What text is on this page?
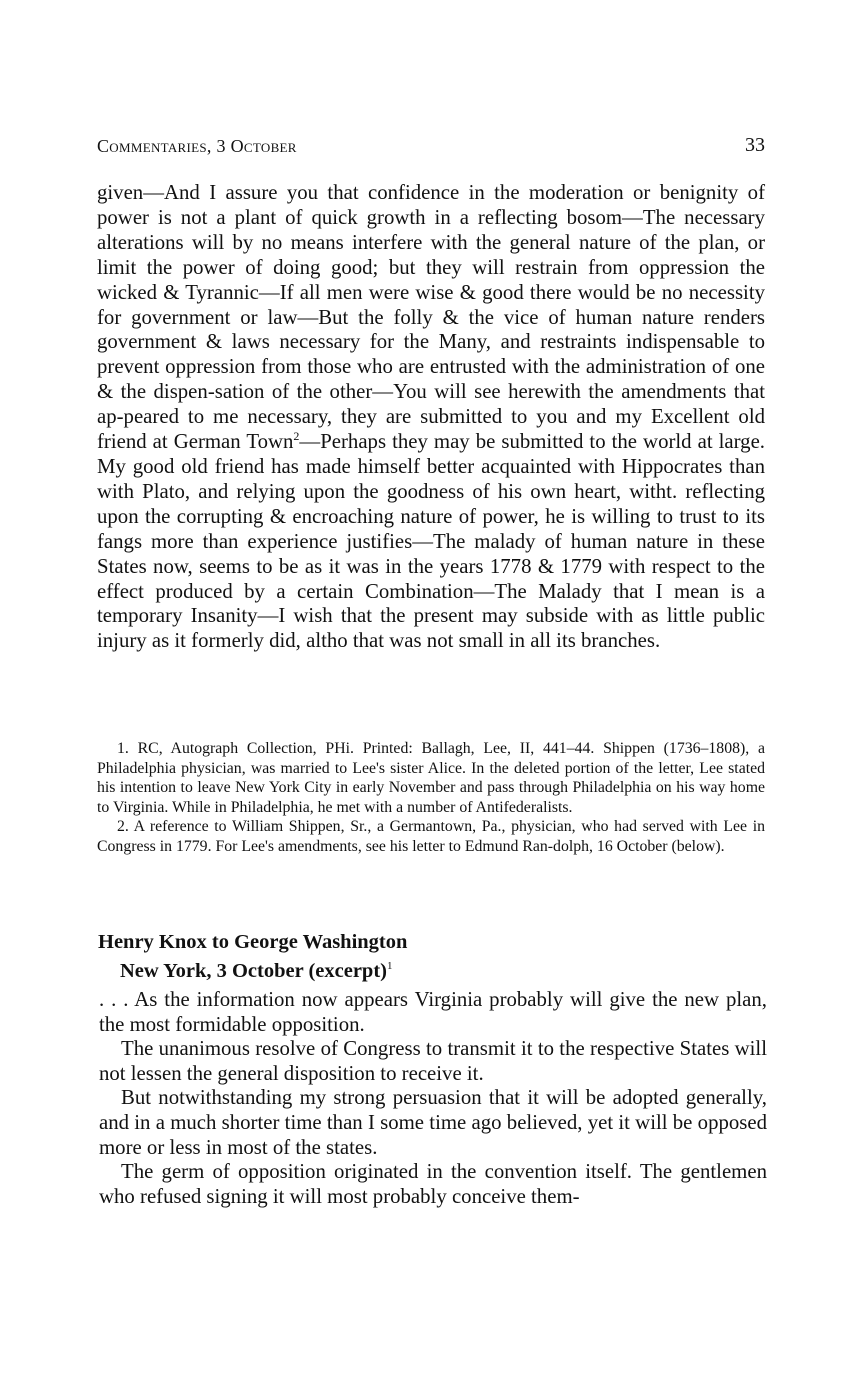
Commentaries, 3 October	33

given—And I assure you that confidence in the moderation or benignity of power is not a plant of quick growth in a reflecting bosom—The necessary alterations will by no means interfere with the general nature of the plan, or limit the power of doing good; but they will restrain from oppression the wicked & Tyrannic—If all men were wise & good there would be no necessity for government or law—But the folly & the vice of human nature renders government & laws necessary for the Many, and restraints indispensable to prevent oppression from those who are entrusted with the administration of one & the dispen-sation of the other—You will see herewith the amendments that ap-peared to me necessary, they are submitted to you and my Excellent old friend at German Town$^2$—Perhaps they may be submitted to the world at large. My good old friend has made himself better acquainted with Hippocrates than with Plato, and relying upon the goodness of his own heart, witht. reflecting upon the corrupting & encroaching nature of power, he is willing to trust to its fangs more than experience justifies—The malady of human nature in these States now, seems to be as it was in the years 1778 & 1779 with respect to the effect produced by a certain Combination—The Malady that I mean is a temporary Insanity—I wish that the present may subside with as little public injury as it formerly did, altho that was not small in all its branches.

1. RC, Autograph Collection, PHi. Printed: Ballagh, Lee, II, 441–44. Shippen (1736–1808), a Philadelphia physician, was married to Lee's sister Alice. In the deleted portion of the letter, Lee stated his intention to leave New York City in early November and pass through Philadelphia on his way home to Virginia. While in Philadelphia, he met with a number of Antifederalists.

2. A reference to William Shippen, Sr., a Germantown, Pa., physician, who had served with Lee in Congress in 1779. For Lee's amendments, see his letter to Edmund Ran-dolph, 16 October (below).

Henry Knox to George Washington
New York, 3 October (excerpt)$^1$

. . . As the information now appears Virginia probably will give the new plan, the most formidable opposition.

The unanimous resolve of Congress to transmit it to the respective States will not lessen the general disposition to receive it.

But notwithstanding my strong persuasion that it will be adopted generally, and in a much shorter time than I some time ago believed, yet it will be opposed more or less in most of the states.

The germ of opposition originated in the convention itself. The gentlemen who refused signing it will most probably conceive them-
